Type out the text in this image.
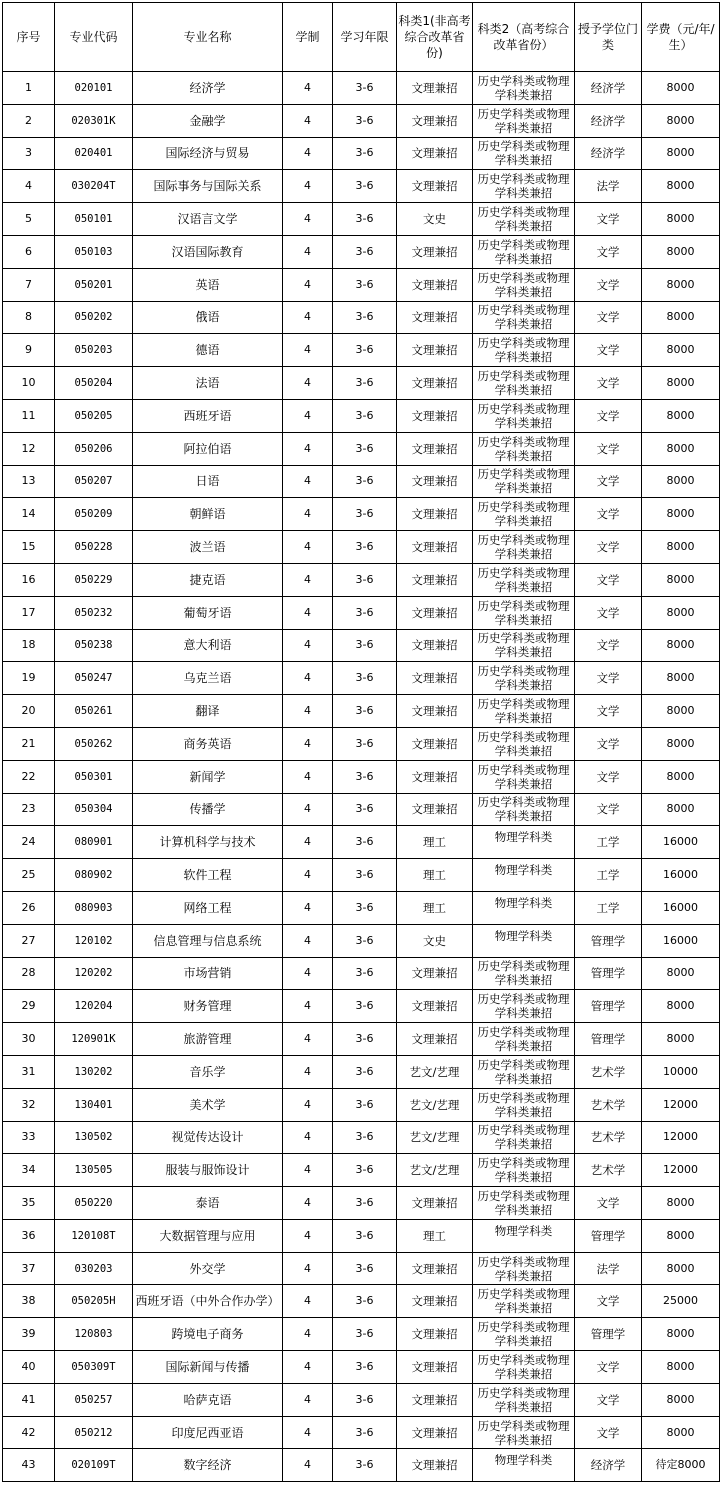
序号	专业代码	专业名称	学制	学习年限	科类1(非高考综合改革省份)	科类2（高考综合改革省份）	授予学位门类	学费（元/年/生）
1	020101	经济学	4	3-6	文理兼招	历史学科类或物理学科类兼招	经济学	8000
2	020301K	金融学	4	3-6	文理兼招	历史学科类或物理学科类兼招	经济学	8000
3	020401	国际经济与贸易	4	3-6	文理兼招	历史学科类或物理学科类兼招	经济学	8000
4	030204T	国际事务与国际关系	4	3-6	文理兼招	历史学科类或物理学科类兼招	法学	8000
5	050101	汉语言文学	4	3-6	文史	历史学科类或物理学科类兼招	文学	8000
6	050103	汉语国际教育	4	3-6	文理兼招	历史学科类或物理学科类兼招	文学	8000
7	050201	英语	4	3-6	文理兼招	历史学科类或物理学科类兼招	文学	8000
8	050202	俄语	4	3-6	文理兼招	历史学科类或物理学科类兼招	文学	8000
9	050203	德语	4	3-6	文理兼招	历史学科类或物理学科类兼招	文学	8000
10	050204	法语	4	3-6	文理兼招	历史学科类或物理学科类兼招	文学	8000
11	050205	西班牙语	4	3-6	文理兼招	历史学科类或物理学科类兼招	文学	8000
12	050206	阿拉伯语	4	3-6	文理兼招	历史学科类或物理学科类兼招	文学	8000
13	050207	日语	4	3-6	文理兼招	历史学科类或物理学科类兼招	文学	8000
14	050209	朝鲜语	4	3-6	文理兼招	历史学科类或物理学科类兼招	文学	8000
15	050228	波兰语	4	3-6	文理兼招	历史学科类或物理学科类兼招	文学	8000
16	050229	捷克语	4	3-6	文理兼招	历史学科类或物理学科类兼招	文学	8000
17	050232	葡萄牙语	4	3-6	文理兼招	历史学科类或物理学科类兼招	文学	8000
18	050238	意大利语	4	3-6	文理兼招	历史学科类或物理学科类兼招	文学	8000
19	050247	乌克兰语	4	3-6	文理兼招	历史学科类或物理学科类兼招	文学	8000
20	050261	翻译	4	3-6	文理兼招	历史学科类或物理学科类兼招	文学	8000
21	050262	商务英语	4	3-6	文理兼招	历史学科类或物理学科类兼招	文学	8000
22	050301	新闻学	4	3-6	文理兼招	历史学科类或物理学科类兼招	文学	8000
23	050304	传播学	4	3-6	文理兼招	历史学科类或物理学科类兼招	文学	8000
24	080901	计算机科学与技术	4	3-6	理工	物理学科类	工学	16000
25	080902	软件工程	4	3-6	理工	物理学科类	工学	16000
26	080903	网络工程	4	3-6	理工	物理学科类	工学	16000
27	120102	信息管理与信息系统	4	3-6	文史	物理学科类	管理学	16000
28	120202	市场营销	4	3-6	文理兼招	历史学科类或物理学科类兼招	管理学	8000
29	120204	财务管理	4	3-6	文理兼招	历史学科类或物理学科类兼招	管理学	8000
30	120901K	旅游管理	4	3-6	文理兼招	历史学科类或物理学科类兼招	管理学	8000
31	130202	音乐学	4	3-6	艺文/艺理	历史学科类或物理学科类兼招	艺术学	10000
32	130401	美术学	4	3-6	艺文/艺理	历史学科类或物理学科类兼招	艺术学	12000
33	130502	视觉传达设计	4	3-6	艺文/艺理	历史学科类或物理学科类兼招	艺术学	12000
34	130505	服装与服饰设计	4	3-6	艺文/艺理	历史学科类或物理学科类兼招	艺术学	12000
35	050220	泰语	4	3-6	文理兼招	历史学科类或物理学科类兼招	文学	8000
36	120108T	大数据管理与应用	4	3-6	理工	物理学科类	管理学	8000
37	030203	外交学	4	3-6	文理兼招	历史学科类或物理学科类兼招	法学	8000
38	050205H	西班牙语（中外合作办学）	4	3-6	文理兼招	历史学科类或物理学科类兼招	文学	25000
39	120803	跨境电子商务	4	3-6	文理兼招	历史学科类或物理学科类兼招	管理学	8000
40	050309T	国际新闻与传播	4	3-6	文理兼招	历史学科类或物理学科类兼招	文学	8000
41	050257	哈萨克语	4	3-6	文理兼招	历史学科类或物理学科类兼招	文学	8000
42	050212	印度尼西亚语	4	3-6	文理兼招	历史学科类或物理学科类兼招	文学	8000
43	020109T	数字经济	4	3-6	文理兼招	物理学科类	经济学	待定8000
